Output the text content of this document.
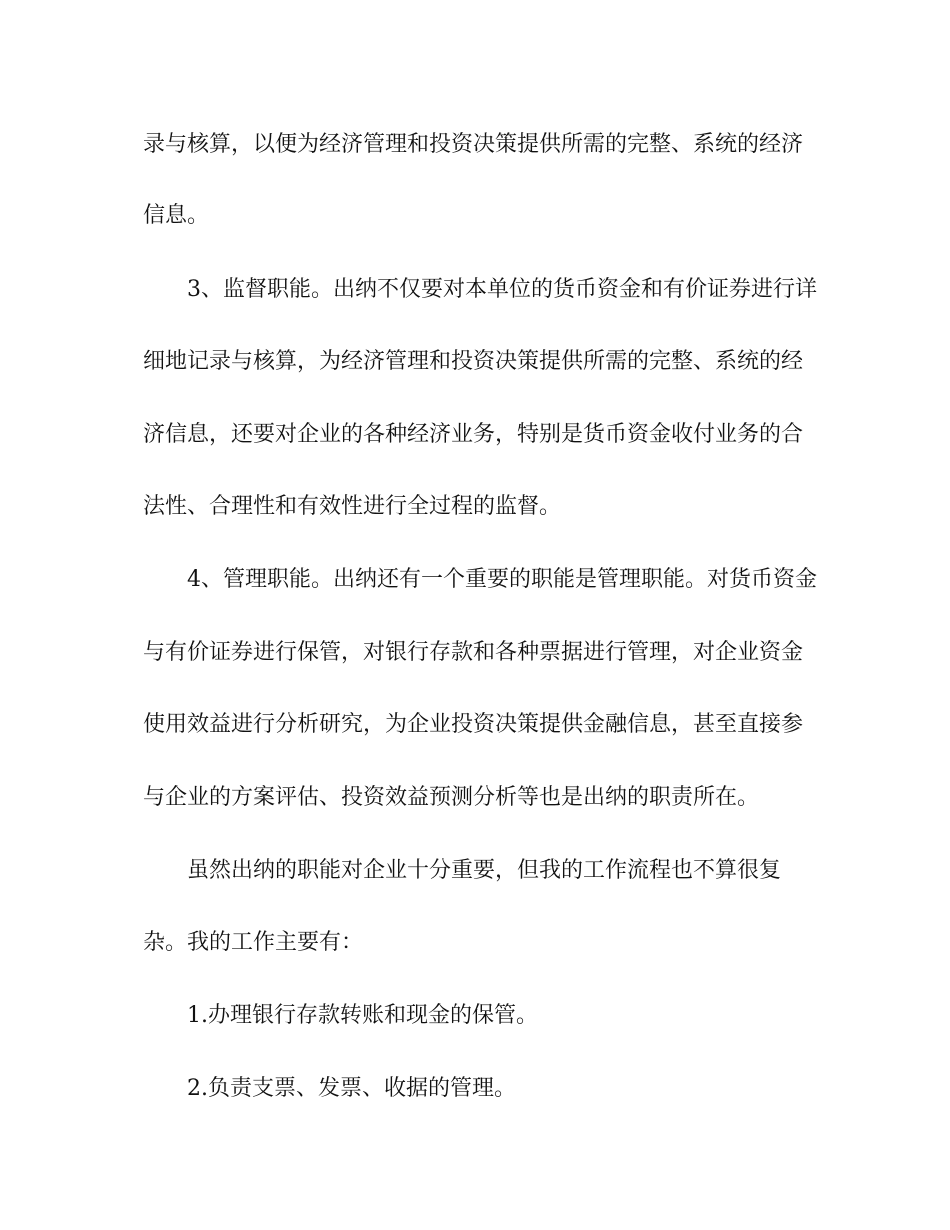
录与核算，以便为经济管理和投资决策提供所需的完整、系统的经济
信息。
3、监督职能。出纳不仅要对本单位的货币资金和有价证券进行详
细地记录与核算，为经济管理和投资决策提供所需的完整、系统的经
济信息，还要对企业的各种经济业务，特别是货币资金收付业务的合
法性、合理性和有效性进行全过程的监督。
4、管理职能。出纳还有一个重要的职能是管理职能。对货币资金
与有价证券进行保管，对银行存款和各种票据进行管理，对企业资金
使用效益进行分析研究，为企业投资决策提供金融信息，甚至直接参
与企业的方案评估、投资效益预测分析等也是出纳的职责所在。
虽然出纳的职能对企业十分重要，但我的工作流程也不算很复
杂。我的工作主要有：
1.办理银行存款转账和现金的保管。
2.负责支票、发票、收据的管理。
